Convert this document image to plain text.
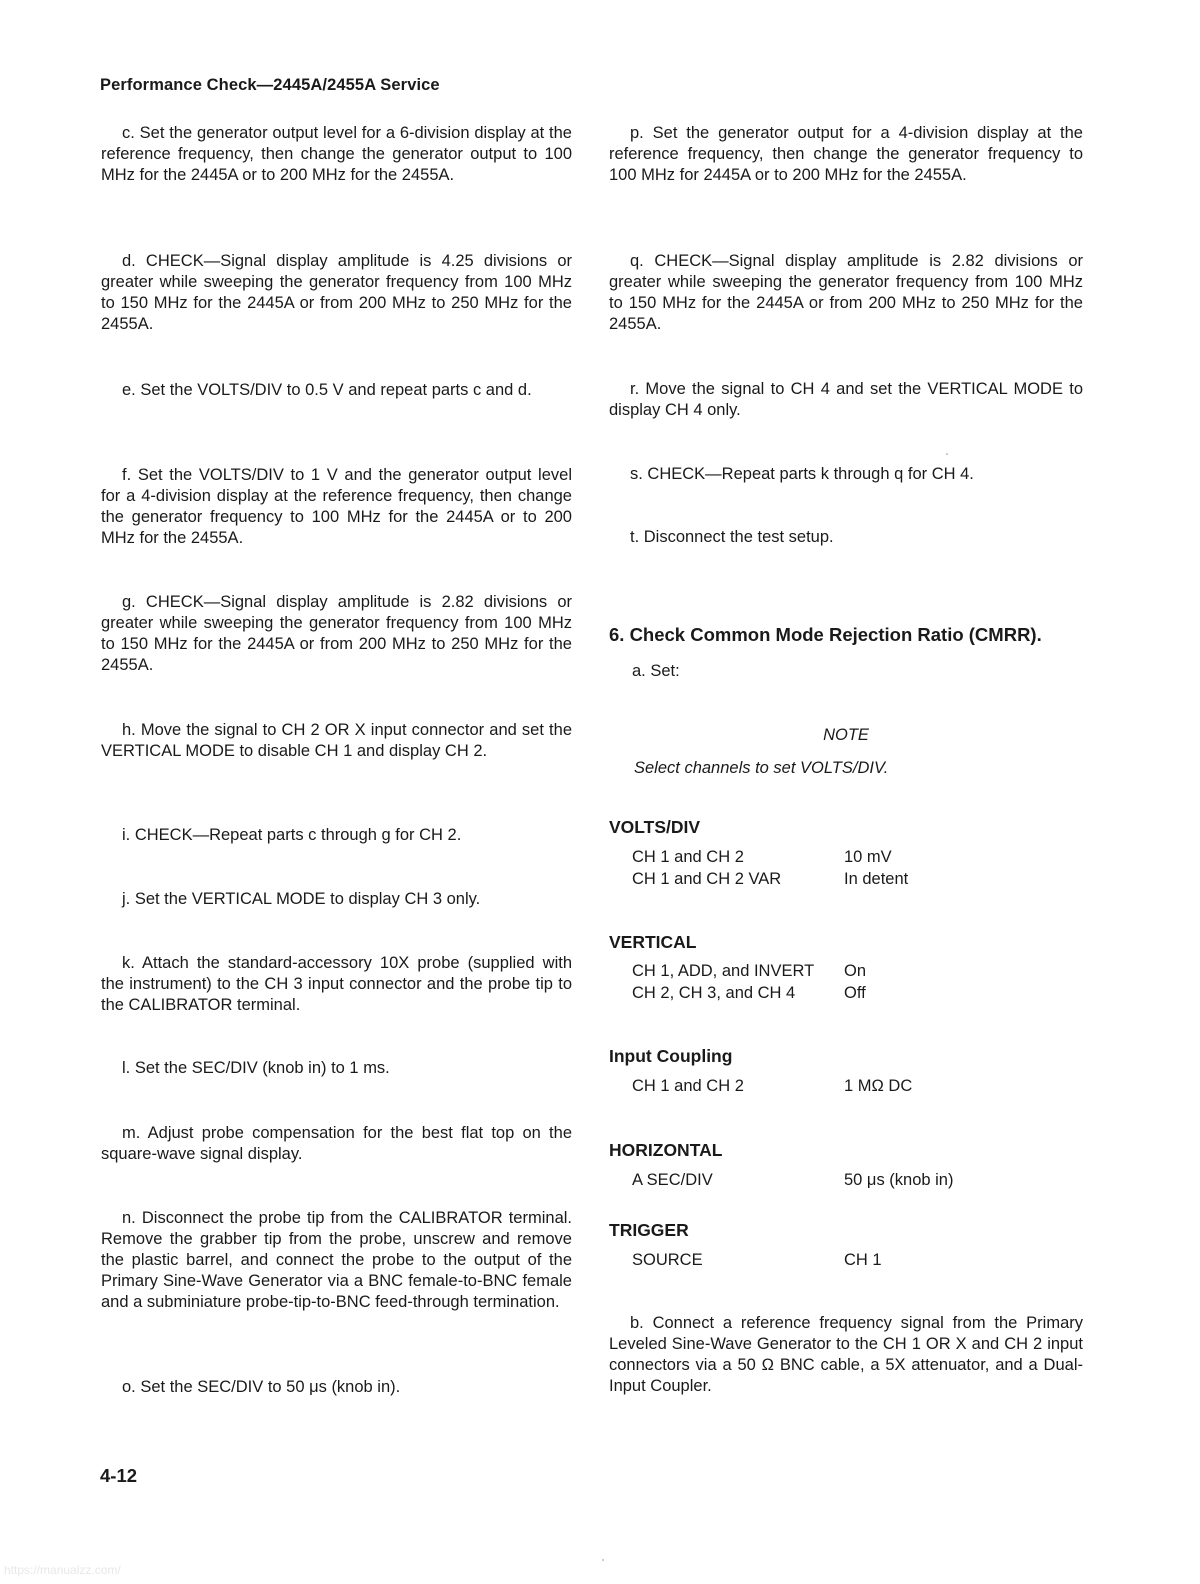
Performance Check—2445A/2455A Service

c. Set the generator output level for a 6-division display at the reference frequency, then change the generator output to 100 MHz for the 2445A or to 200 MHz for the 2455A.

d. CHECK—Signal display amplitude is 4.25 divisions or greater while sweeping the generator frequency from 100 MHz to 150 MHz for the 2445A or from 200 MHz to 250 MHz for the 2455A.

e. Set the VOLTS/DIV to 0.5 V and repeat parts c and d.

f. Set the VOLTS/DIV to 1 V and the generator output level for a 4-division display at the reference frequency, then change the generator frequency to 100 MHz for the 2445A or to 200 MHz for the 2455A.

g. CHECK—Signal display amplitude is 2.82 divisions or greater while sweeping the generator frequency from 100 MHz to 150 MHz for the 2445A or from 200 MHz to 250 MHz for the 2455A.

h. Move the signal to CH 2 OR X input connector and set the VERTICAL MODE to disable CH 1 and display CH 2.

i. CHECK—Repeat parts c through g for CH 2.

j. Set the VERTICAL MODE to display CH 3 only.

k. Attach the standard-accessory 10X probe (supplied with the instrument) to the CH 3 input connector and the probe tip to the CALIBRATOR terminal.

l. Set the SEC/DIV (knob in) to 1 ms.

m. Adjust probe compensation for the best flat top on the square-wave signal display.

n. Disconnect the probe tip from the CALIBRATOR terminal. Remove the grabber tip from the probe, unscrew and remove the plastic barrel, and connect the probe to the output of the Primary Sine-Wave Generator via a BNC female-to-BNC female and a subminiature probe-tip-to-BNC feed-through termination.

o. Set the SEC/DIV to 50 μs (knob in).

p. Set the generator output for a 4-division display at the reference frequency, then change the generator frequency to 100 MHz for 2445A or to 200 MHz for the 2455A.

q. CHECK—Signal display amplitude is 2.82 divisions or greater while sweeping the generator frequency from 100 MHz to 150 MHz for the 2445A or from 200 MHz to 250 MHz for the 2455A.

r. Move the signal to CH 4 and set the VERTICAL MODE to display CH 4 only.

s. CHECK—Repeat parts k through q for CH 4.

t. Disconnect the test setup.

6. Check Common Mode Rejection Ratio (CMRR).

a. Set:

NOTE

Select channels to set VOLTS/DIV.

VOLTS/DIV

CH 1 and CH 2	10 mV
CH 1 and CH 2 VAR	In detent

VERTICAL

CH 1, ADD, and INVERT On
CH 2, CH 3, and CH 4	Off

Input Coupling

CH 1 and CH 2	1 MΩ DC

HORIZONTAL

A SEC/DIV	50 μs (knob in)

TRIGGER

SOURCE	CH 1

b. Connect a reference frequency signal from the Primary Leveled Sine-Wave Generator to the CH 1 OR X and CH 2 input connectors via a 50 Ω BNC cable, a 5X attenuator, and a Dual-Input Coupler.

4-12
https://manualzz.com/
